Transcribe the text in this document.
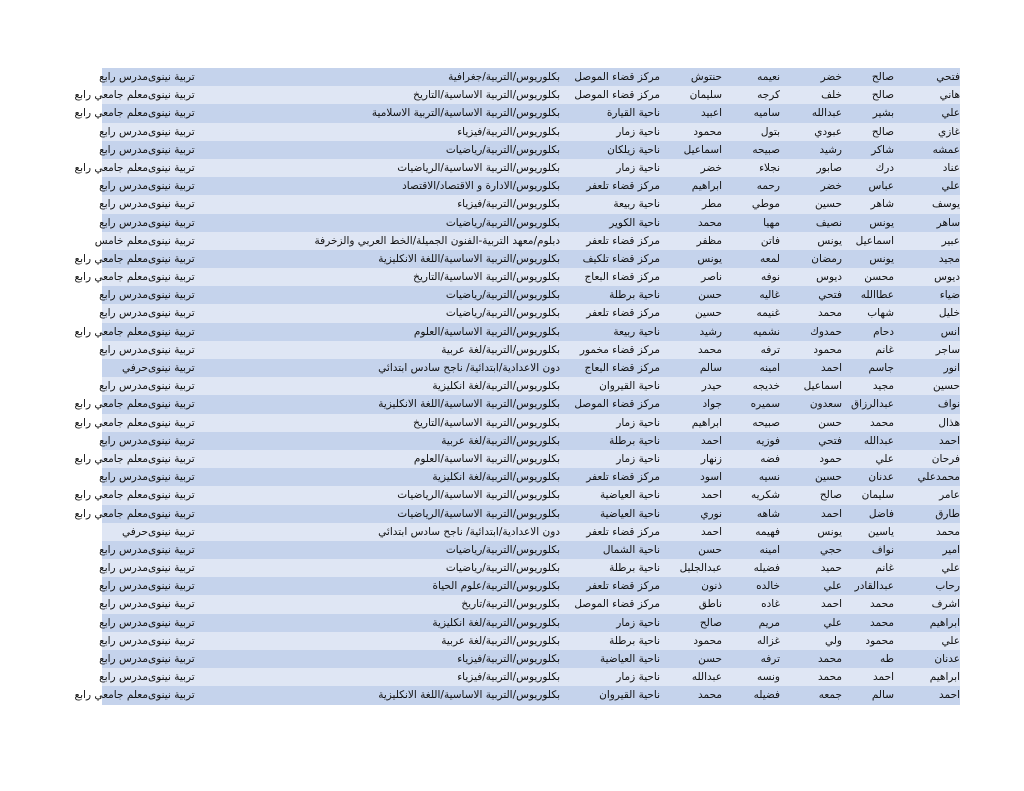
فتحي
صالح
خضر
نعيمه
حنتوش
مركز قضاء الموصل
بكلوريوس/التربية/جغرافية
تربية نينوى
مدرس رابع
هاني
صالح
خلف
كرجه
سليمان
مركز قضاء الموصل
بكلوريوس/التربية الاساسية/التاريخ
تربية نينوى
معلم جامعي رابع
علي
بشير
عبدالله
ساميه
اعبيد
ناحية القيارة
بكلوريوس/التربية الاساسية/التربية الاسلامية
تربية نينوى
معلم جامعي رابع
غازي
صالح
عبودي
بتول
محمود
ناحية زمار
بكلوريوس/التربية/فيزياء
تربية نينوى
مدرس رابع
عمشه
شاكر
رشيد
صبيحه
اسماعيل
ناحية زيلكان
بكلوريوس/التربية/رياضيات
تربية نينوى
مدرس رابع
عناد
درك
صابور
نجلاء
خضر
ناحية زمار
بكلوريوس/التربية الاساسية/الرياضيات
تربية نينوى
معلم جامعي رابع
علي
عباس
خضر
رحمه
ابراهيم
مركز قضاء تلعفر
بكلوريوس/الادارة و الاقتصاد/الاقتصاد
تربية نينوى
مدرس رابع
يوسف
شاهر
حسين
موطي
مطر
ناحية ربيعة
بكلوريوس/التربية/فيزياء
تربية نينوى
مدرس رابع
ساهر
يونس
نصيف
مهيا
محمد
ناحية الكوير
بكلوريوس/التربية/رياضيات
تربية نينوى
مدرس رابع
عبير
اسماعيل
يونس
فاتن
مظفر
مركز قضاء تلعفر
دبلوم/معهد التربية-الفنون الجميلة/الخط العربي والزخرفة
تربية نينوى
معلم خامس
مجيد
يونس
رمضان
لمعه
يونس
مركز قضاء تلكيف
بكلوريوس/التربية الاساسية/اللغة الانكليزية
تربية نينوى
معلم جامعي رابع
ديوس
محسن
ديوس
نوفه
ناصر
مركز قضاء البعاج
بكلوريوس/التربية الاساسية/التاريخ
تربية نينوى
معلم جامعي رابع
ضياء
عطاالله
فتحي
غاليه
حسن
ناحية برطلة
بكلوريوس/التربية/رياضيات
تربية نينوى
مدرس رابع
خليل
شهاب
محمد
غنيمه
حسين
مركز قضاء تلعفر
بكلوريوس/التربية/رياضيات
تربية نينوى
مدرس رابع
انس
دحام
حمدوك
نشميه
رشيد
ناحية ربيعة
بكلوريوس/التربية الاساسية/العلوم
تربية نينوى
معلم جامعي رابع
ساجر
غانم
محمود
ترفه
محمد
مركز قضاء مخمور
بكلوريوس/التربية/لغة عربية
تربية نينوى
مدرس رابع
انور
جاسم
احمد
امينه
سالم
مركز قضاء البعاج
دون الاعدادية/ابتدائية/ ناجح سادس ابتدائي
تربية نينوى
حرفي
حسين
مجيد
اسماعيل
خديجه
حيدر
ناحية القيروان
بكلوريوس/التربية/لغة انكليزية
تربية نينوى
مدرس رابع
نواف
عبدالرزاق
سعدون
سميره
جواد
مركز قضاء الموصل
بكلوريوس/التربية الاساسية/اللغة الانكليزية
تربية نينوى
معلم جامعي رابع
هذال
محمد
حسن
صبيحه
ابراهيم
ناحية زمار
بكلوريوس/التربية الاساسية/التاريخ
تربية نينوى
معلم جامعي رابع
احمد
عبدالله
فتحي
فوزيه
احمد
ناحية برطلة
بكلوريوس/التربية/لغة عربية
تربية نينوى
مدرس رابع
فرحان
علي
حمود
فضه
زنهار
ناحية زمار
بكلوريوس/التربية الاساسية/العلوم
تربية نينوى
معلم جامعي رابع
محمدعلي
عدنان
حسين
نسيه
اسود
مركز قضاء تلعفر
بكلوريوس/التربية/لغة انكليزية
تربية نينوى
مدرس رابع
عامر
سليمان
صالح
شكريه
احمد
ناحية العياضية
بكلوريوس/التربية الاساسية/الرياضيات
تربية نينوى
معلم جامعي رابع
طارق
فاضل
احمد
شاهه
نوري
ناحية العياضية
بكلوريوس/التربية الاساسية/الرياضيات
تربية نينوى
معلم جامعي رابع
محمد
ياسين
يونس
فهيمه
احمد
مركز قضاء تلعفر
دون الاعدادية/ابتدائية/ ناجح سادس ابتدائي
تربية نينوى
حرفي
امير
نواف
حجي
امينه
حسن
ناحية الشمال
بكلوريوس/التربية/رياضيات
تربية نينوى
مدرس رابع
علي
غانم
حميد
فضيله
عبدالجليل
ناحية برطلة
بكلوريوس/التربية/رياضيات
تربية نينوى
مدرس رابع
رحاب
عبدالقادر
علي
خالده
ذنون
مركز قضاء تلعفر
بكلوريوس/التربية/علوم الحياة
تربية نينوى
مدرس رابع
اشرف
محمد
احمد
غاده
ناطق
مركز قضاء الموصل
بكلوريوس/التربية/تاريخ
تربية نينوى
مدرس رابع
ابراهيم
محمد
علي
مريم
صالح
ناحية زمار
بكلوريوس/التربية/لغة انكليزية
تربية نينوى
مدرس رابع
علي
محمود
ولي
غزاله
محمود
ناحية برطلة
بكلوريوس/التربية/لغة عربية
تربية نينوى
مدرس رابع
عدنان
طه
محمد
ترفه
حسن
ناحية العياضية
بكلوريوس/التربية/فيزياء
تربية نينوى
مدرس رابع
ابراهيم
احمد
محمد
ونسه
عبدالله
ناحية زمار
بكلوريوس/التربية/فيزياء
تربية نينوى
مدرس رابع
احمد
سالم
جمعه
فضيله
محمد
ناحية القيروان
بكلوريوس/التربية الاساسية/اللغة الانكليزية
تربية نينوى
معلم جامعي رابع
